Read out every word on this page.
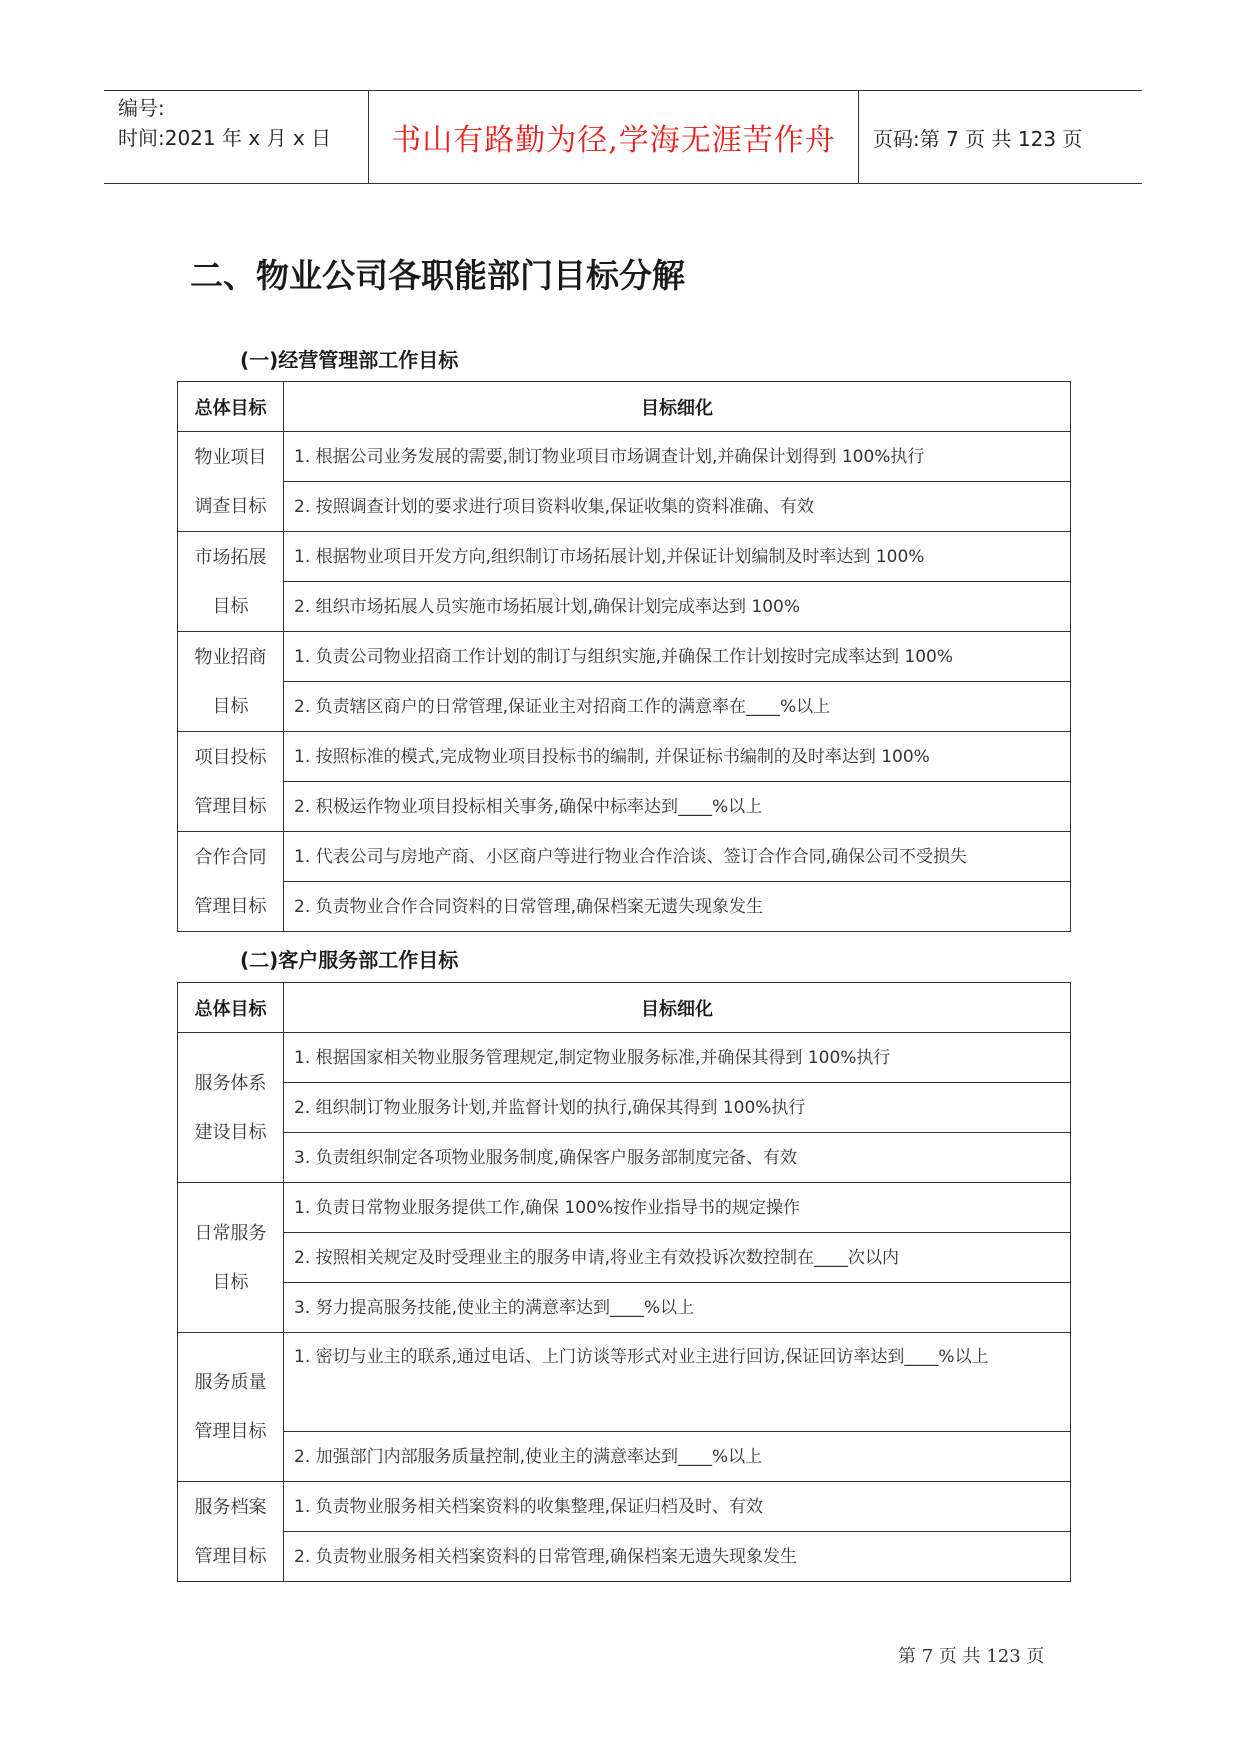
编号:
时间:2021 年 x 月 x 日	书山有路勤为径,学海无涯苦作舟	页码:第 7 页 共 123 页
二、物业公司各职能部门目标分解
(一)经营管理部工作目标
总体目标	目标细化

物业项目
调查目标	1. 根据公司业务发展的需要,制订物业项目市场调查计划,并确保计划得到 100%执行
	2. 按照调查计划的要求进行项目资料收集,保证收集的资料准确、有效

市场拓展
目标	1. 根据物业项目开发方向,组织制订市场拓展计划,并保证计划编制及时率达到 100%
	2. 组织市场拓展人员实施市场拓展计划,确保计划完成率达到 100%

物业招商
目标	1. 负责公司物业招商工作计划的制订与组织实施,并确保工作计划按时完成率达到 100%
	2. 负责辖区商户的日常管理,保证业主对招商工作的满意率在____%以上

项目投标
管理目标	1. 按照标准的模式,完成物业项目投标书的编制, 并保证标书编制的及时率达到 100%
	2. 积极运作物业项目投标相关事务,确保中标率达到____%以上

合作合同
管理目标	1. 代表公司与房地产商、小区商户等进行物业合作洽谈、签订合作合同,确保公司不受损失
	2. 负责物业合作合同资料的日常管理,确保档案无遗失现象发生
(二)客户服务部工作目标
总体目标	目标细化

服务体系
建设目标	1. 根据国家相关物业服务管理规定,制定物业服务标准,并确保其得到 100%执行
	2. 组织制订物业服务计划,并监督计划的执行,确保其得到 100%执行
	3. 负责组织制定各项物业服务制度,确保客户服务部制度完备、有效

日常服务
目标	1. 负责日常物业服务提供工作,确保 100%按作业指导书的规定操作
	2. 按照相关规定及时受理业主的服务申请,将业主有效投诉次数控制在____次以内
	3. 努力提高服务技能,使业主的满意率达到____%以上

服务质量
管理目标	1. 密切与业主的联系,通过电话、上门访谈等形式对业主进行回访,保证回访率达到____%以上
	2. 加强部门内部服务质量控制,使业主的满意率达到____%以上

服务档案
管理目标	1. 负责物业服务相关档案资料的收集整理,保证归档及时、有效
	2. 负责物业服务相关档案资料的日常管理,确保档案无遗失现象发生
第 7 页 共 123 页
